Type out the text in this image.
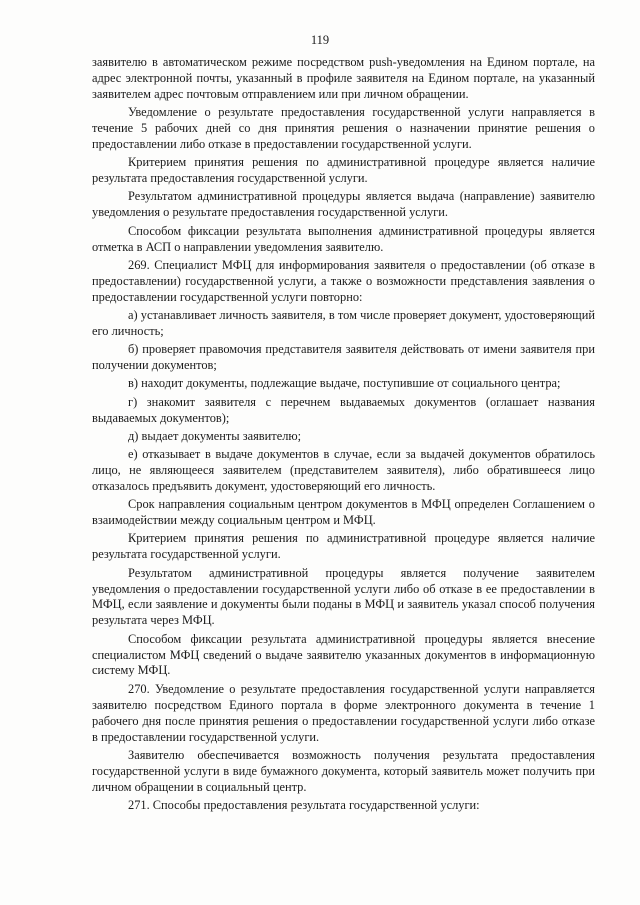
119

заявителю в автоматическом режиме посредством push-уведомления на Едином портале, на адрес электронной почты, указанный в профиле заявителя на Едином портале, на указанный заявителем адрес почтовым отправлением или при личном обращении.

Уведомление о результате предоставления государственной услуги направляется в течение 5 рабочих дней со дня принятия решения о назначении принятие решения о предоставлении либо отказе в предоставлении государственной услуги.

Критерием принятия решения по административной процедуре является наличие результата предоставления государственной услуги.

Результатом административной процедуры является выдача (направление) заявителю уведомления о результате предоставления государственной услуги.

Способом фиксации результата выполнения административной процедуры является отметка в АСП о направлении уведомления заявителю.

269. Специалист МФЦ для информирования заявителя о предоставлении (об отказе в предоставлении) государственной услуги, а также о возможности представления заявления о предоставлении государственной услуги повторно:

а) устанавливает личность заявителя, в том числе проверяет документ, удостоверяющий его личность;

б) проверяет правомочия представителя заявителя действовать от имени заявителя при получении документов;

в) находит документы, подлежащие выдаче, поступившие от социального центра;

г) знакомит заявителя с перечнем выдаваемых документов (оглашает названия выдаваемых документов);

д) выдает документы заявителю;

е) отказывает в выдаче документов в случае, если за выдачей документов обратилось лицо, не являющееся заявителем (представителем заявителя), либо обратившееся лицо отказалось предъявить документ, удостоверяющий его личность.

Срок направления социальным центром документов в МФЦ определен Соглашением о взаимодействии между социальным центром и МФЦ.

Критерием принятия решения по административной процедуре является наличие результата государственной услуги.

Результатом административной процедуры является получение заявителем уведомления о предоставлении государственной услуги либо об отказе в ее предоставлении в МФЦ, если заявление и документы были поданы в МФЦ и заявитель указал способ получения результата через МФЦ.

Способом фиксации результата административной процедуры является внесение специалистом МФЦ сведений о выдаче заявителю указанных документов в информационную систему МФЦ.

270. Уведомление о результате предоставления государственной услуги направляется заявителю посредством Единого портала в форме электронного документа в течение 1 рабочего дня после принятия решения о предоставлении государственной услуги либо отказе в предоставлении государственной услуги.

Заявителю обеспечивается возможность получения результата предоставления государственной услуги в виде бумажного документа, который заявитель может получить при личном обращении в социальный центр.

271. Способы предоставления результата государственной услуги:
